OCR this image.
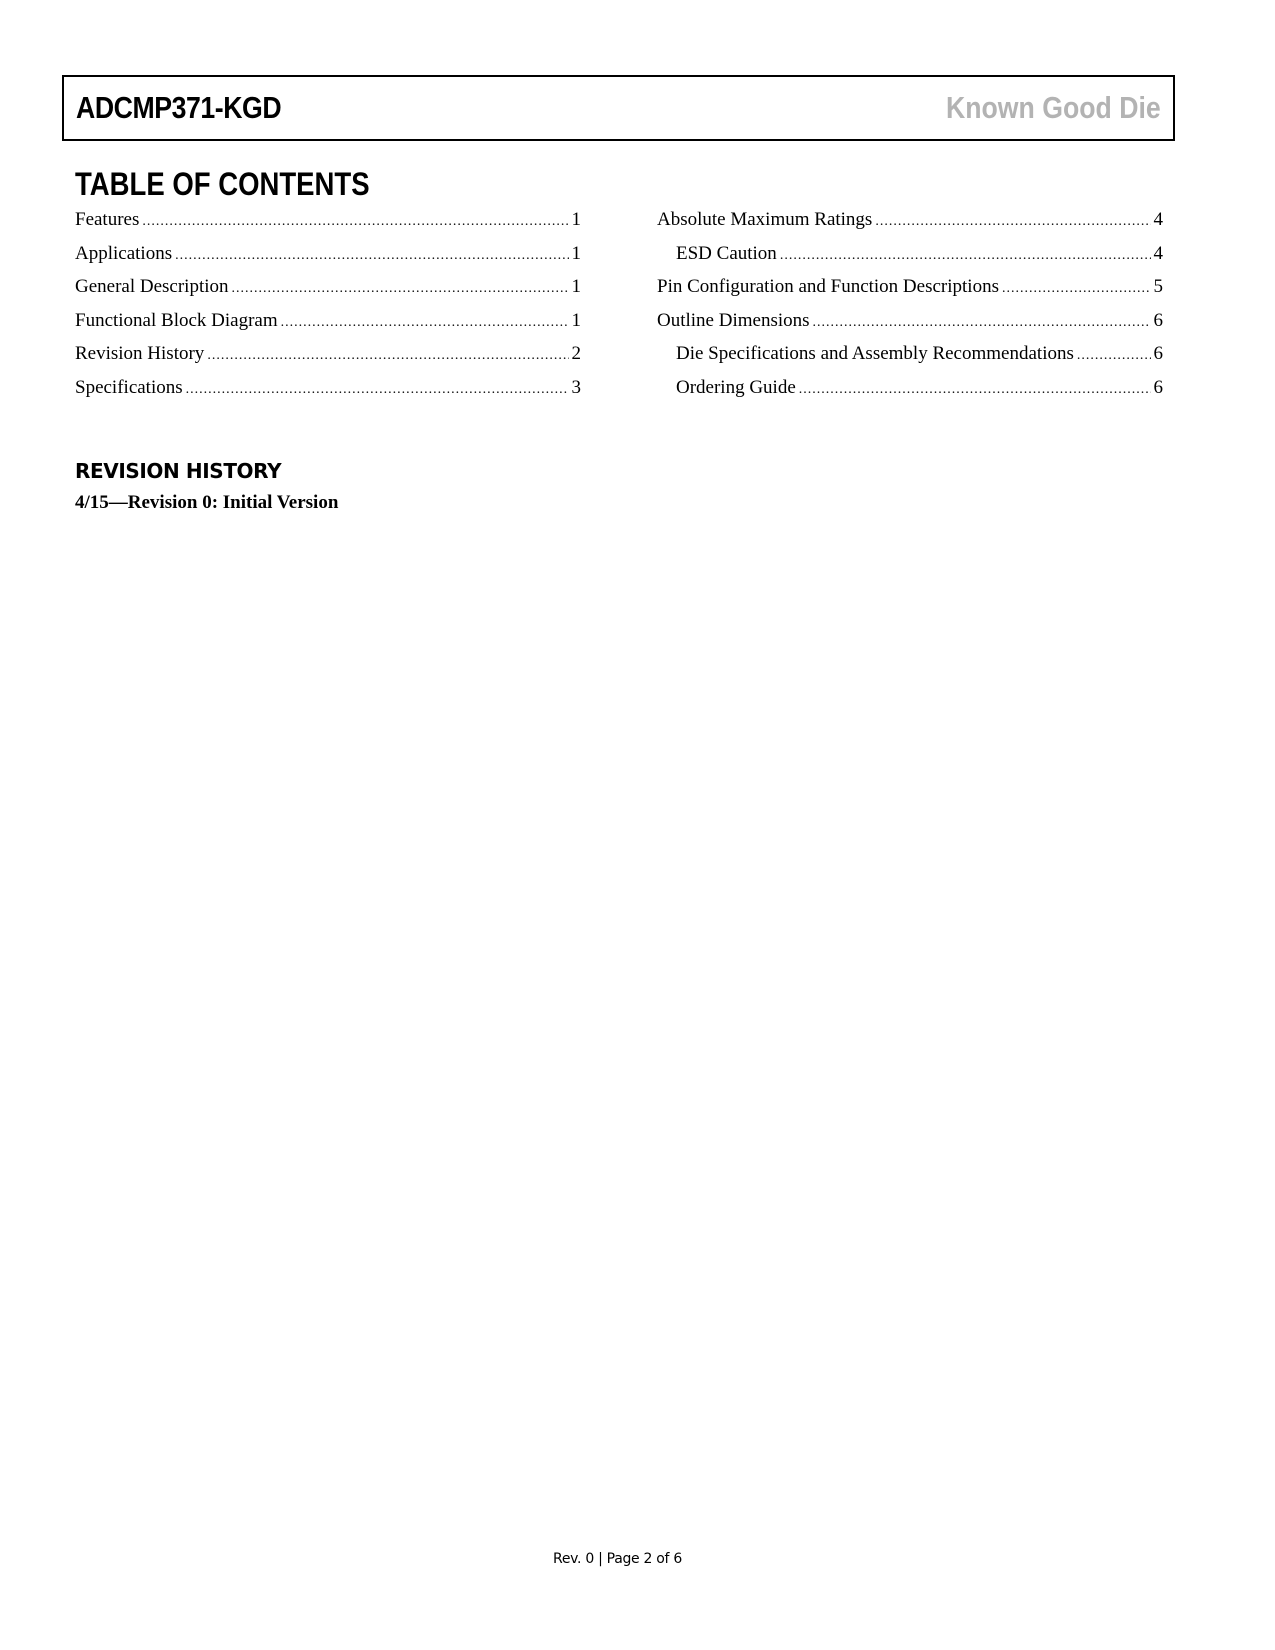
ADCMP371-KGD	Known Good Die
TABLE OF CONTENTS
Features .....	1
Applications .....	1
General Description .....	1
Functional Block Diagram .....	1
Revision History .....	2
Specifications .....	3
Absolute Maximum Ratings .....	4
ESD Caution .....	4
Pin Configuration and Function Descriptions .....	5
Outline Dimensions .....	6
Die Specifications and Assembly Recommendations .....	6
Ordering Guide .....	6
REVISION HISTORY
4/15—Revision 0: Initial Version
Rev. 0 | Page 2 of 6
